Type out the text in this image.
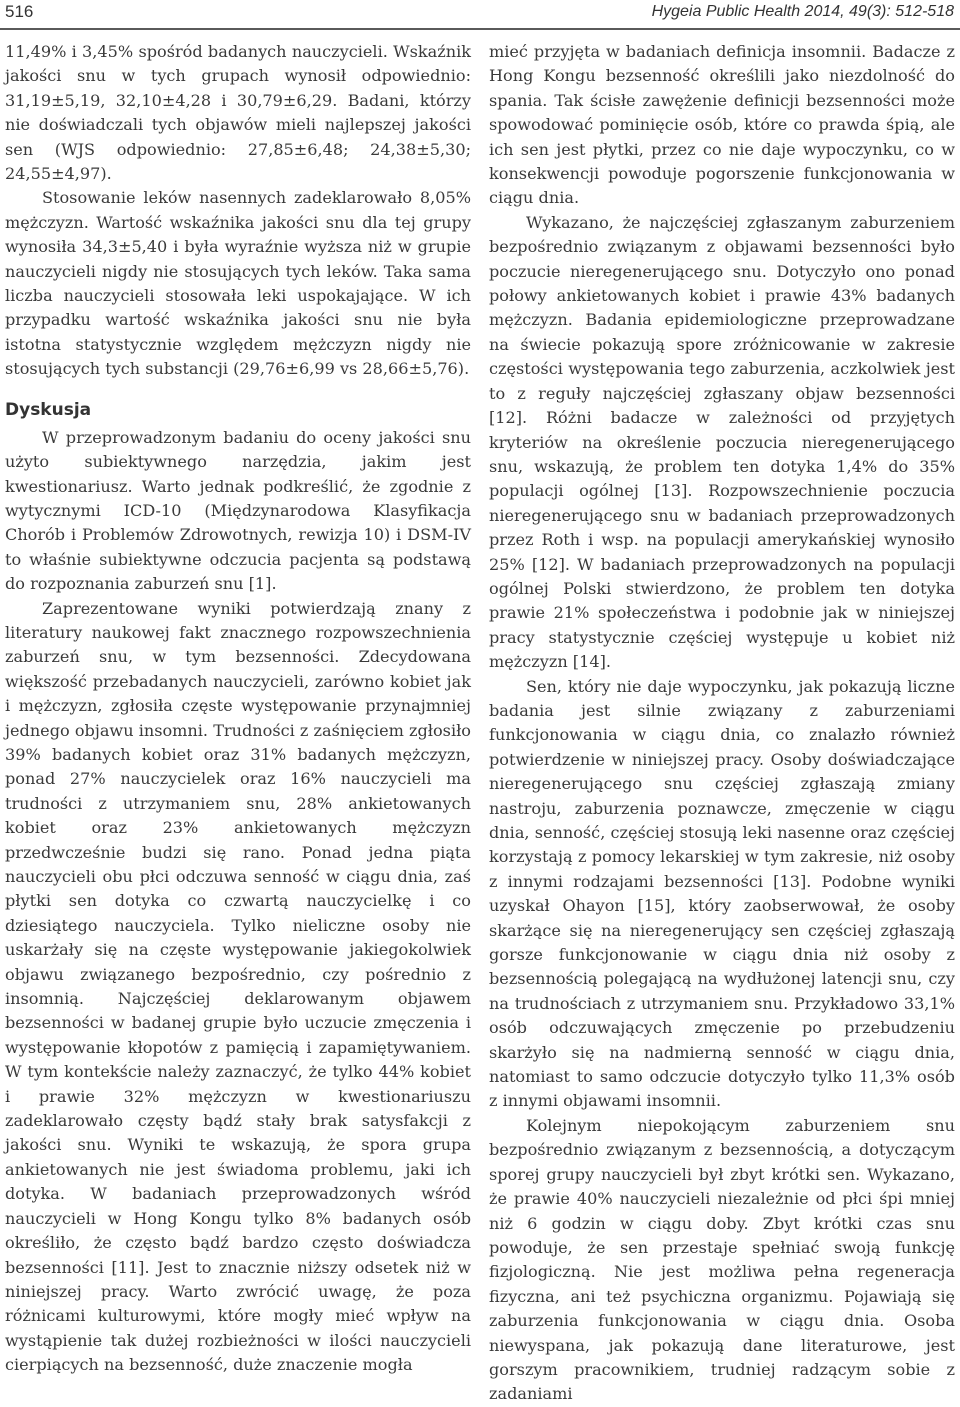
516	Hygeia Public Health 2014, 49(3): 512-518

11,49% i 3,45% spośród badanych nauczycieli. Wskaźnik jakości snu w tych grupach wynosił odpowiednio: 31,19±5,19, 32,10±4,28 i 30,79±6,29. Badani, którzy nie doświadczali tych objawów mieli najlepszej jakości sen (WJS odpowiednio: 27,85±6,48; 24,38±5,30; 24,55±4,97).

Stosowanie leków nasennych zadeklarowało 8,05% mężczyzn. Wartość wskaźnika jakości snu dla tej grupy wynosiła 34,3±5,40 i była wyraźnie wyższa niż w grupie nauczycieli nigdy nie stosujących tych leków. Taka sama liczba nauczycieli stosowała leki uspokajające. W ich przypadku wartość wskaźnika jakości snu nie była istotna statystycznie względem mężczyzn nigdy nie stosujących tych substancji (29,76±6,99 vs 28,66±5,76).

Dyskusja

W przeprowadzonym badaniu do oceny jakości snu użyto subiektywnego narzędzia, jakim jest kwestionariusz. Warto jednak podkreślić, że zgodnie z wytycznymi ICD-10 (Międzynarodowa Klasyfikacja Chorób i Problemów Zdrowotnych, rewizja 10) i DSM-IV to właśnie subiektywne odczucia pacjenta są podstawą do rozpoznania zaburzeń snu [1].

Zaprezentowane wyniki potwierdzają znany z literatury naukowej fakt znacznego rozpowszechnienia zaburzeń snu, w tym bezsenności. Zdecydowana większość przebadanych nauczycieli, zarówno kobiet jak i mężczyzn, zgłosiła częste występowanie przynajmniej jednego objawu insomni. Trudności z zaśnięciem zgłosiło 39% badanych kobiet oraz 31% badanych mężczyzn, ponad 27% nauczycielek oraz 16% nauczycieli ma trudności z utrzymaniem snu, 28% ankietowanych kobiet oraz 23% ankietowanych mężczyzn przedwcześnie budzi się rano. Ponad jedna piąta nauczycieli obu płci odczuwa senność w ciągu dnia, zaś płytki sen dotyka co czwartą nauczycielkę i co dziesiątego nauczyciela. Tylko nieliczne osoby nie uskarżały się na częste występowanie jakiegokolwiek objawu związanego bezpośrednio, czy pośrednio z insomnią. Najczęściej deklarowanym objawem bezsenności w badanej grupie było uczucie zmęczenia i występowanie kłopotów z pamięcią i zapamiętywaniem. W tym kontekście należy zaznaczyć, że tylko 44% kobiet i prawie 32% mężczyzn w kwestionariuszu zadeklarowało częsty bądź stały brak satysfakcji z jakości snu. Wyniki te wskazują, że spora grupa ankietowanych nie jest świadoma problemu, jaki ich dotyka. W badaniach przeprowadzonych wśród nauczycieli w Hong Kongu tylko 8% badanych osób określiło, że często bądź bardzo często doświadcza bezsenności [11]. Jest to znacznie niższy odsetek niż w niniejszej pracy. Warto zwrócić uwagę, że poza różnicami kulturowymi, które mogły mieć wpływ na wystąpienie tak dużej rozbieżności w ilości nauczycieli cierpiących na bezsenność, duże znaczenie mogła

mieć przyjęta w badaniach definicja insomnii. Badacze z Hong Kongu bezsenność określili jako niezdolność do spania. Tak ścisłe zawężenie definicji bezsenności może spowodować pominięcie osób, które co prawda śpią, ale ich sen jest płytki, przez co nie daje wypoczynku, co w konsekwencji powoduje pogorszenie funkcjonowania w ciągu dnia.

Wykazano, że najczęściej zgłaszanym zaburzeniem bezpośrednio związanym z objawami bezsenności było poczucie nieregenerującego snu. Dotyczyło ono ponad połowy ankietowanych kobiet i prawie 43% badanych mężczyzn. Badania epidemiologiczne przeprowadzane na świecie pokazują spore zróżnicowanie w zakresie częstości występowania tego zaburzenia, aczkolwiek jest to z reguły najczęściej zgłaszany objaw bezsenności [12]. Różni badacze w zależności od przyjętych kryteriów na określenie poczucia nieregenerującego snu, wskazują, że problem ten dotyka 1,4% do 35% populacji ogólnej [13]. Rozpowszechnienie poczucia nieregenerującego snu w badaniach przeprowadzonych przez Roth i wsp. na populacji amerykańskiej wynosiło 25% [12]. W badaniach przeprowadzonych na populacji ogólnej Polski stwierdzono, że problem ten dotyka prawie 21% społeczeństwa i podobnie jak w niniejszej pracy statystycznie częściej występuje u kobiet niż mężczyzn [14].

Sen, który nie daje wypoczynku, jak pokazują liczne badania jest silnie związany z zaburzeniami funkcjonowania w ciągu dnia, co znalazło również potwierdzenie w niniejszej pracy. Osoby doświadczające nieregenerującego snu częściej zgłaszają zmiany nastroju, zaburzenia poznawcze, zmęczenie w ciągu dnia, senność, częściej stosują leki nasenne oraz częściej korzystają z pomocy lekarskiej w tym zakresie, niż osoby z innymi rodzajami bezsenności [13]. Podobne wyniki uzyskał Ohayon [15], który zaobserwował, że osoby skarżące się na nieregenerujący sen częściej zgłaszają gorsze funkcjonowanie w ciągu dnia niż osoby z bezsennością polegającą na wydłużonej latencji snu, czy na trudnościach z utrzymaniem snu. Przykładowo 33,1% osób odczuwających zmęczenie po przebudzeniu skarżyło się na nadmierną senność w ciągu dnia, natomiast to samo odczucie dotyczyło tylko 11,3% osób z innymi objawami insomnii.

Kolejnym niepokojącym zaburzeniem snu bezpośrednio związanym z bezsennością, a dotyczącym sporej grupy nauczycieli był zbyt krótki sen. Wykazano, że prawie 40% nauczycieli niezależnie od płci śpi mniej niż 6 godzin w ciągu doby. Zbyt krótki czas snu powoduje, że sen przestaje spełniać swoją funkcję fizjologiczną. Nie jest możliwa pełna regeneracja fizyczna, ani też psychiczna organizmu. Pojawiają się zaburzenia funkcjonowania w ciągu dnia. Osoba niewyspana, jak pokazują dane literaturowe, jest gorszym pracownikiem, trudniej radzącym sobie z zadaniami
